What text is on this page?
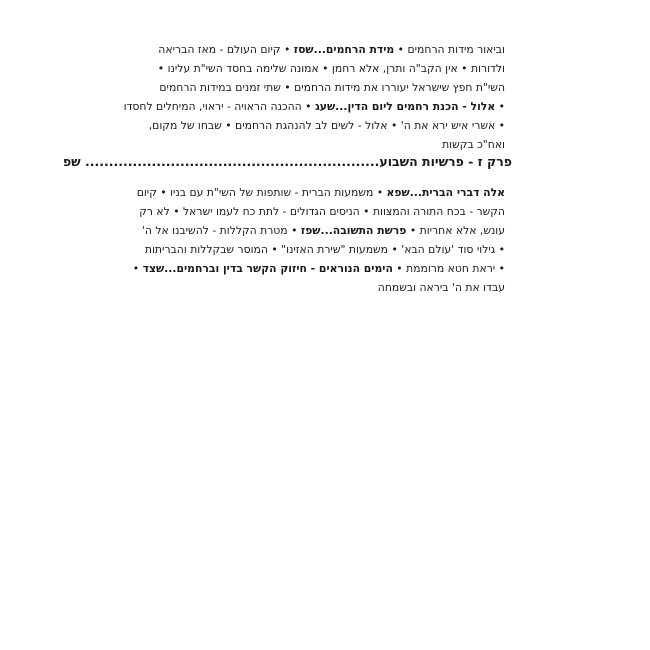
וביאור מידות הרחמים • מידת הרחמים...שסז • קיום העולם - מאז הבריאה
ולדורות • אין הקב"ה ותרן, אלא רחמן • אמונה שלימה בחסד השי"ת עלינו •
השי"ת חפץ שישראל יעוררו את מידות הרחמים • שתי זמנים במידות הרחמים
• אלול - הכנת רחמים ליום הדין...שעג • ההכנה הראויה - יראוי, המיחלים לחסדו
• אשרי איש ירא את ה' • אלול - לשים לב להנהגת הרחמים • שבחו של מקום,
ואח"כ בקשות
פרק ז - פרשיות השבוע.............................................................. שפ
אלה דברי הברית...שפא • משמעות הברית - שותפות של השי"ת עם בניו • קיום
הקשר - בכח התורה והמצוות • הניסים הגדולים - לתת כח לעמו ישראל • לא רק
עונש, אלא אחריות • פרשת התשובה...שפז • מטרת הקללות - להשיבנו אל ה'
• גילוי סוד 'עולם הבא' • משמעות "שירת האזינו" • המוסר שבקללות והבריתות
• יראת חטא מרוממת • הימים הנוראים - חיזוק הקשר בדין וברחמים...שצד •
עבדו את ה' ביראה ובשמחה
